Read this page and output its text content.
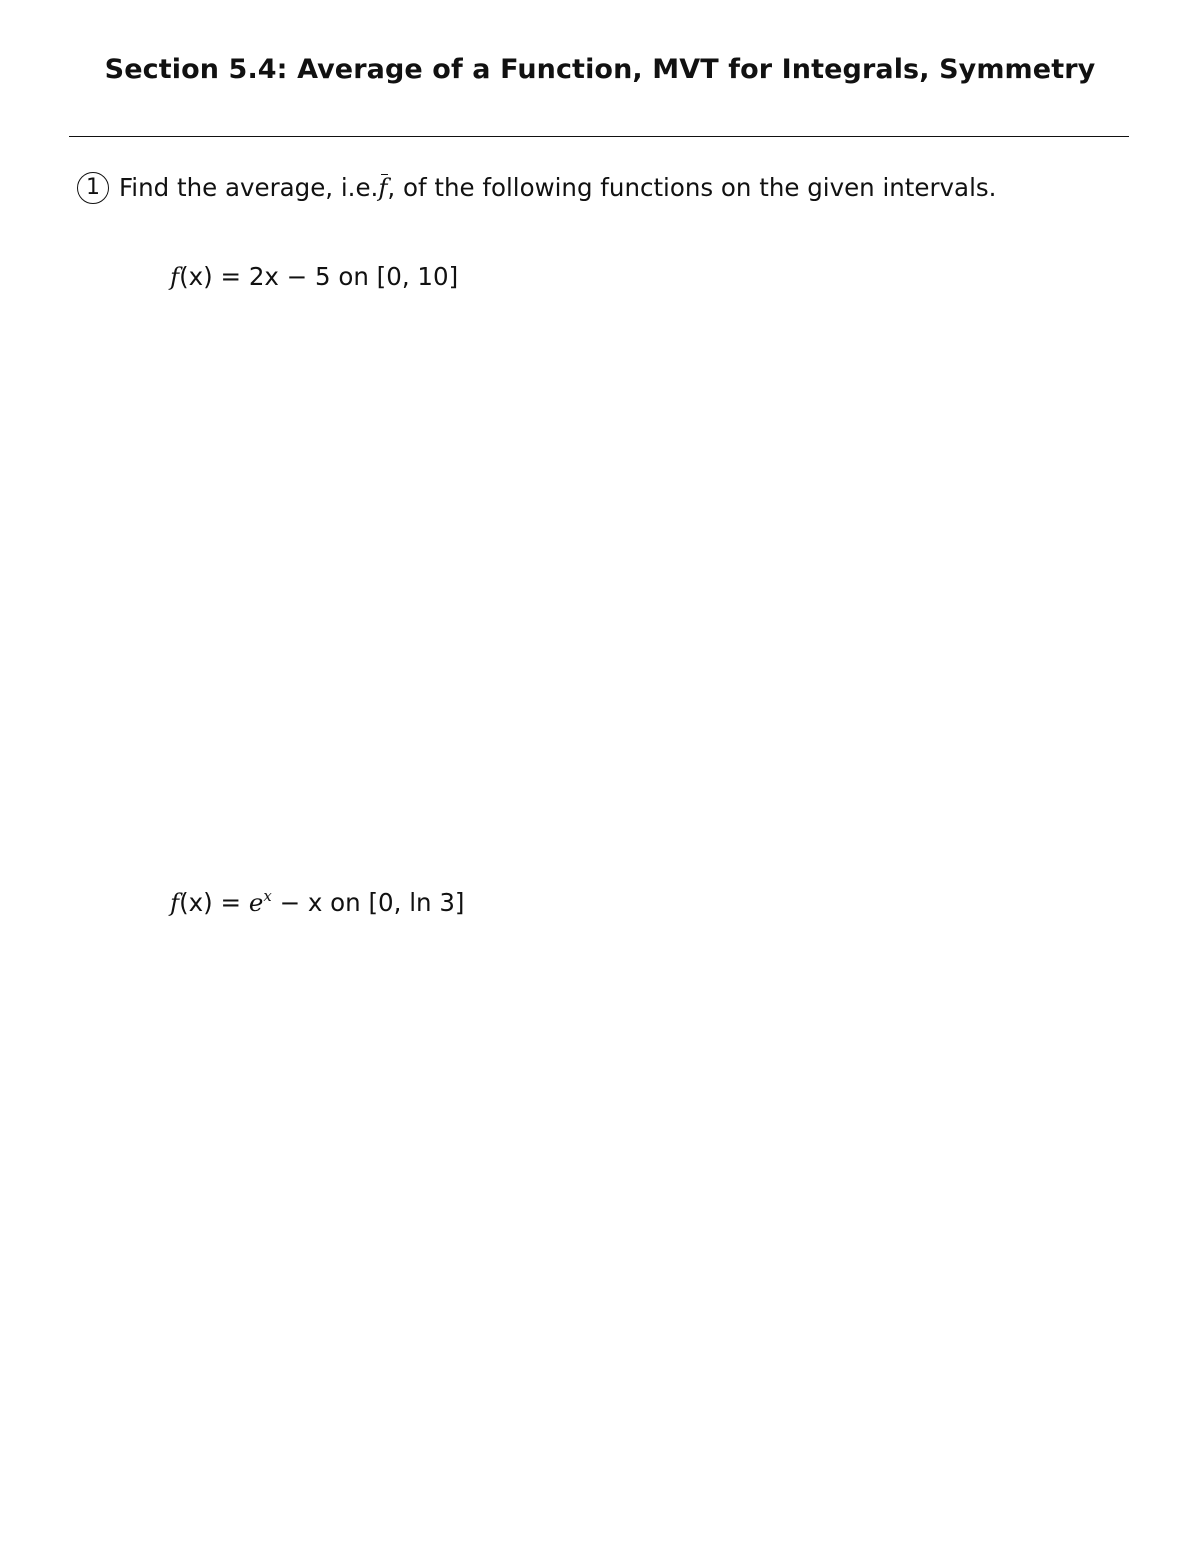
Section 5.4: Average of a Function, MVT for Integrals, Symmetry
1 Find the average, i.e. f , of the following functions on the given intervals.
f(x) = 2x − 5 on [0, 10]
$f(x) = e^x - x$ on [0, ln 3]
